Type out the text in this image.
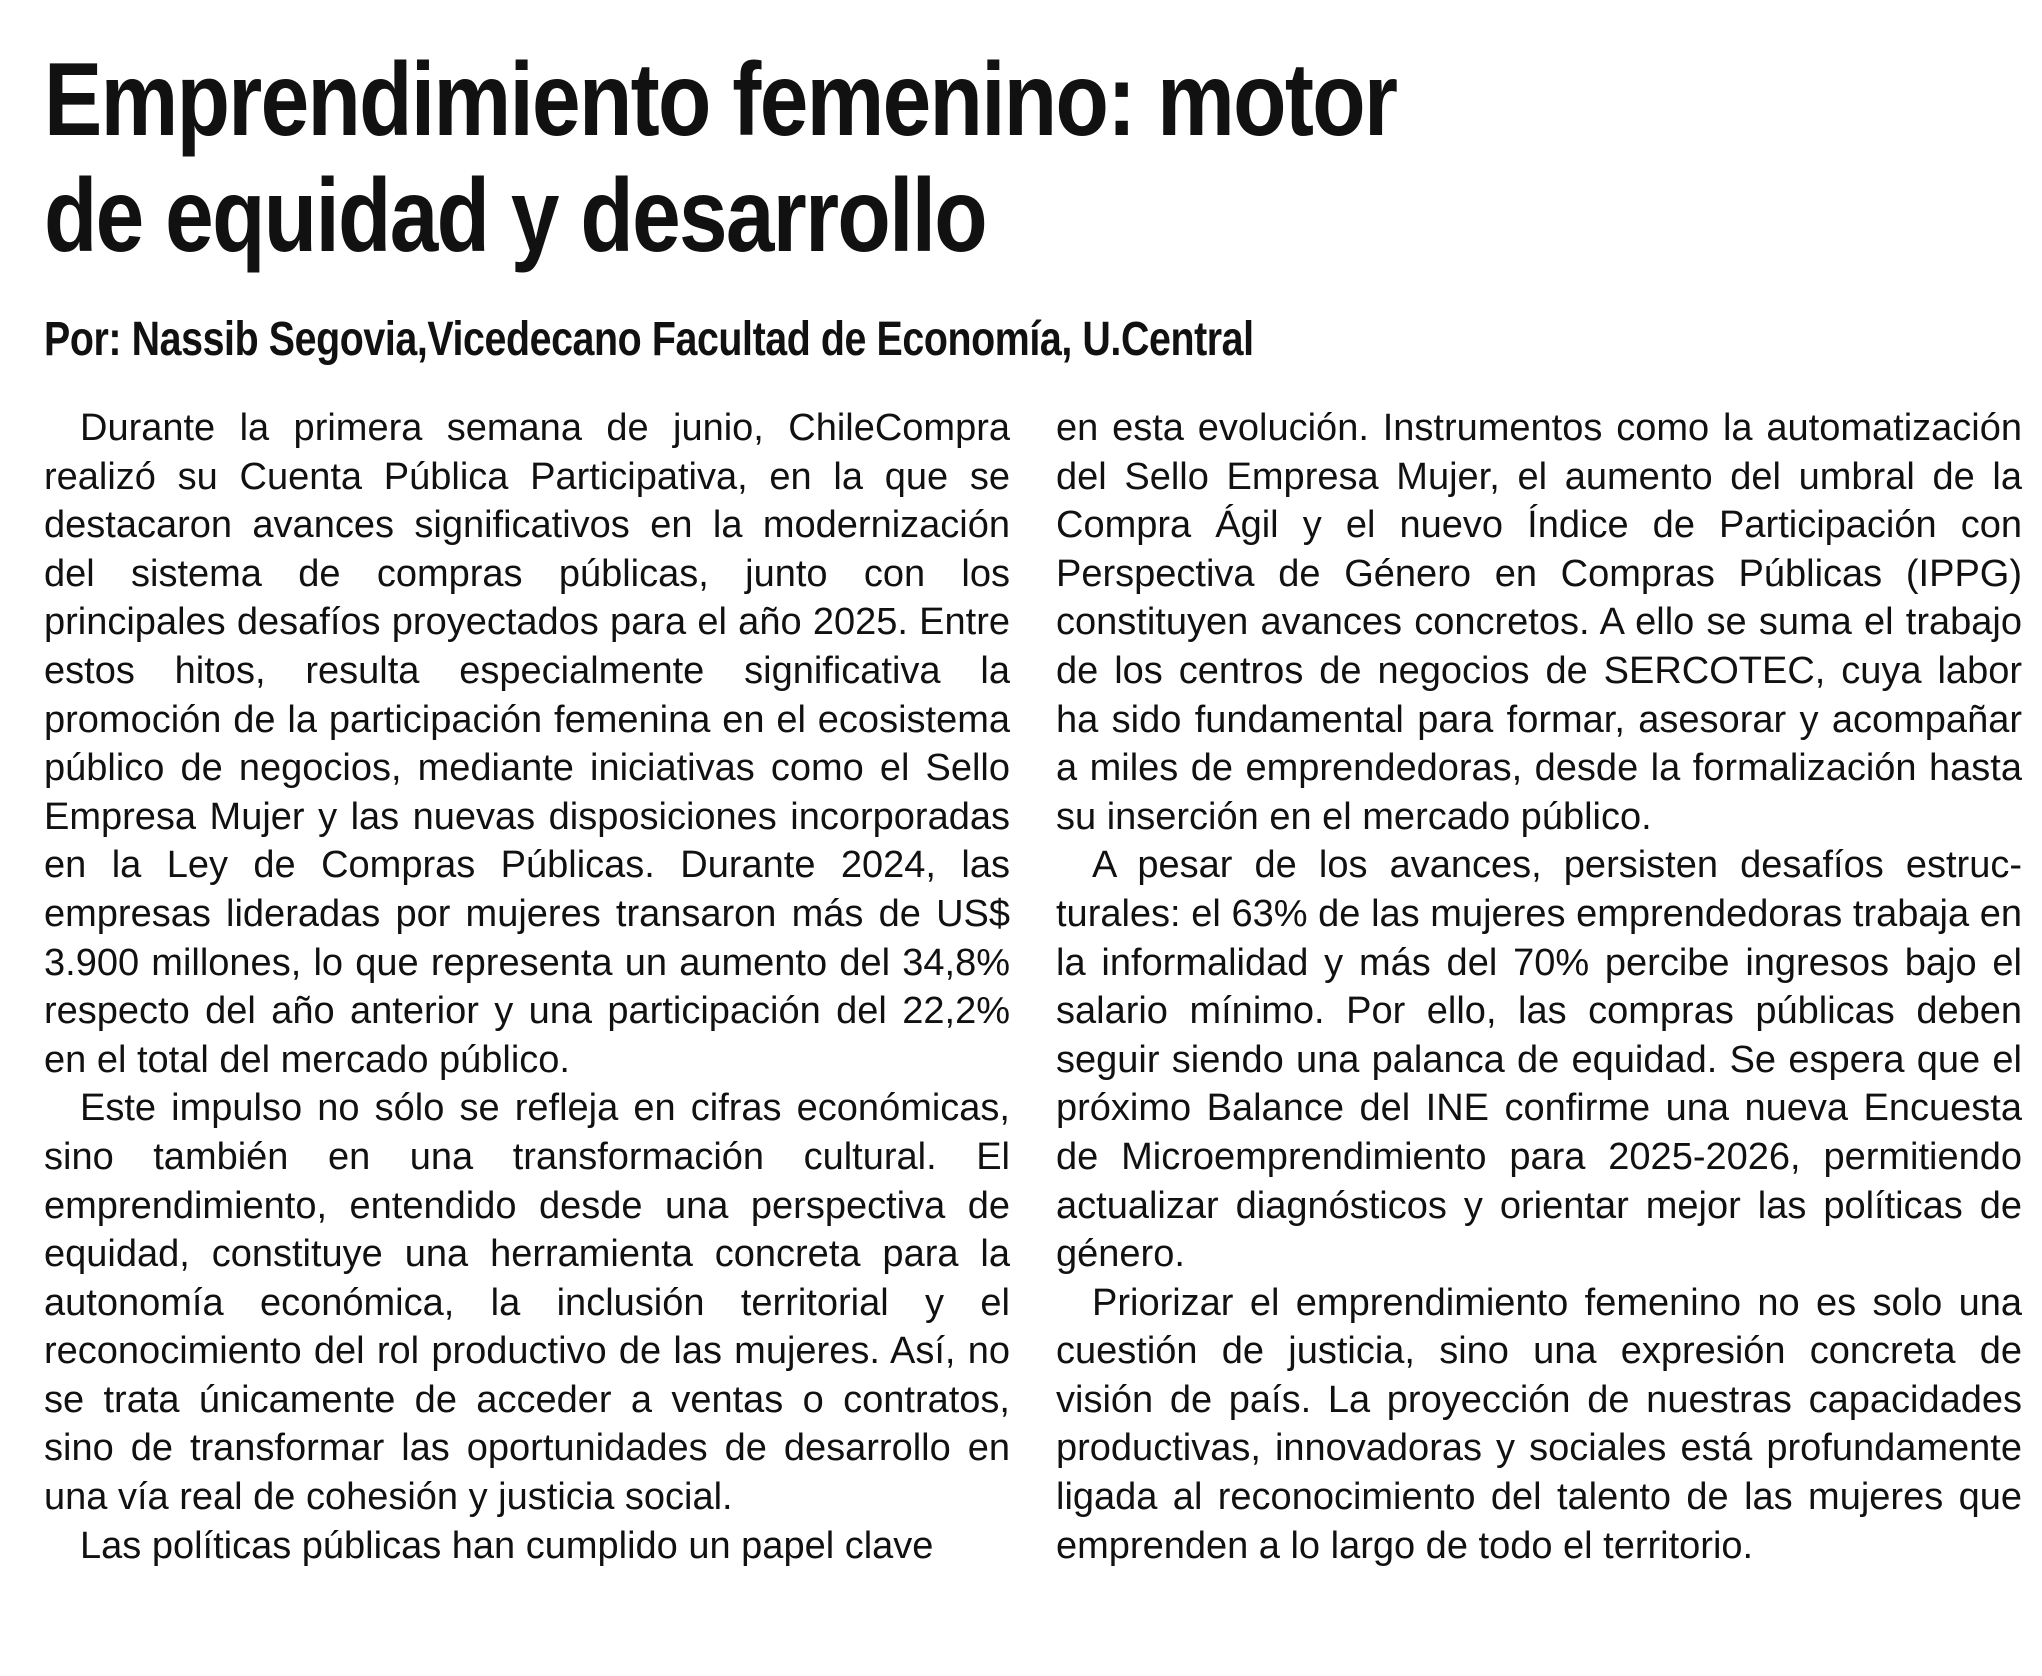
Emprendimiento femenino: motor
de equidad y desarrollo

Por: Nassib Segovia,Vicedecano Facultad de Economía, U.Central

Durante la primera semana de junio, ChileCompra realizó su Cuenta Pública Participativa, en la que se destacaron avances significativos en la modernización del sistema de compras públicas, junto con los principales desafíos proyectados para el año 2025. Entre estos hitos, resulta especialmente significativa la promoción de la participación femenina en el ecosistema público de negocios, mediante iniciativas como el Sello Empresa Mujer y las nuevas disposiciones incorporadas en la Ley de Compras Públicas. Durante 2024, las empresas lideradas por mujeres transaron más de US$ 3.900 millones, lo que representa un aumento del 34,8% respecto del año anterior y una participación del 22,2% en el total del mercado público.

Este impulso no sólo se refleja en cifras económicas, sino también en una transformación cultural. El emprendimiento, entendido desde una perspectiva de equidad, constituye una herramienta concreta para la autonomía económica, la inclusión territorial y el reconocimiento del rol productivo de las mujeres. Así, no se trata únicamente de acceder a ventas o contratos, sino de transformar las oportunidades de desarrollo en una vía real de cohesión y justicia social.

Las políticas públicas han cumplido un papel clave

en esta evolución. Instrumentos como la automatización del Sello Empresa Mujer, el aumento del umbral de la Compra Ágil y el nuevo Índice de Participación con Perspectiva de Género en Compras Públicas (IPPG) constituyen avances concretos. A ello se suma el trabajo de los centros de negocios de SERCOTEC, cuya labor ha sido fundamental para formar, asesorar y acompañar a miles de emprendedoras, desde la formalización hasta su inserción en el mercado público.

A pesar de los avances, persisten desafíos estructurales: el 63% de las mujeres emprendedoras trabaja en la informalidad y más del 70% percibe ingresos bajo el salario mínimo. Por ello, las compras públicas deben seguir siendo una palanca de equidad. Se espera que el próximo Balance del INE confirme una nueva Encuesta de Microemprendimiento para 2025-2026, permitiendo actualizar diagnósticos y orientar mejor las políticas de género.

Priorizar el emprendimiento femenino no es solo una cuestión de justicia, sino una expresión concreta de visión de país. La proyección de nuestras capacidades productivas, innovadoras y sociales está profundamente ligada al reconocimiento del talento de las mujeres que emprenden a lo largo de todo el territorio.
